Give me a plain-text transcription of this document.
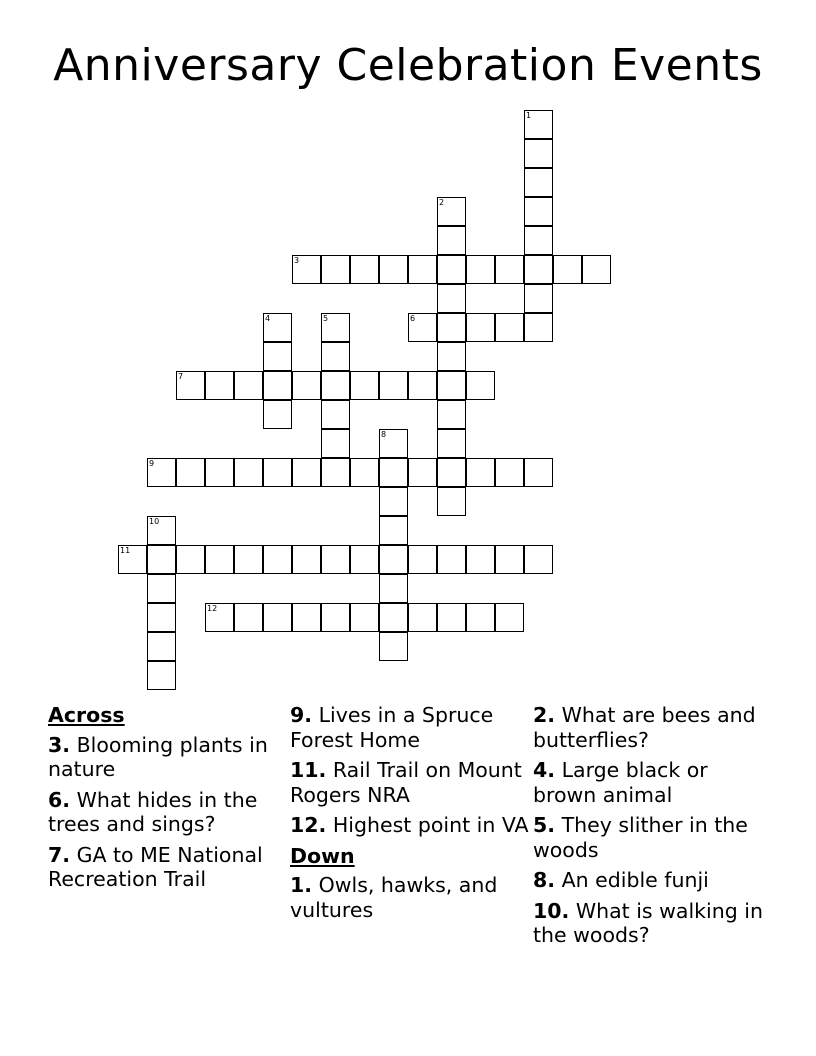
Anniversary Celebration Events
3
6
7
9
11
12
1
2
4	5
8
10
Across
3. Blooming plants in nature
6. What hides in the trees and sings?
7. GA to ME National Recreation Trail
9. Lives in a Spruce Forest Home
11. Rail Trail on Mount Rogers NRA
12. Highest point in VA
Down
1. Owls, hawks, and vultures
2. What are bees and butterflies?
4. Large black or brown animal
5. They slither in the woods
8. An edible funji
10. What is walking in the woods?
